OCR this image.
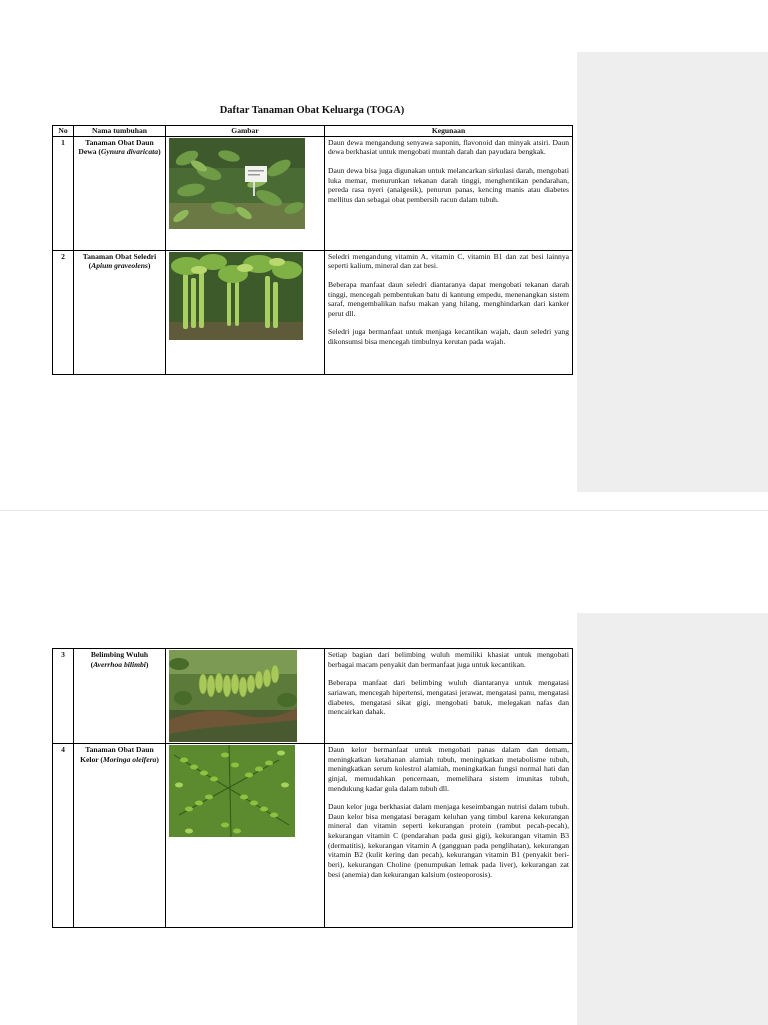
Daftar Tanaman Obat Keluarga (TOGA)
No	Nama tumbuhan	Gambar	Kegunaan
1	Tanaman Obat Daun Dewa (Gynura divaricata)		Daun dewa mengandung senyawa saponin, flavonoid dan minyak atsiri. Daun dewa berkhasiat untuk mengobati muntah darah dan payudara bengkak.

Daun dewa bisa juga digunakan untuk melancarkan sirkulasi darah, mengobati luka memar, menurunkan tekanan darah tinggi, menghentikan pendarahan, pereda rasa nyeri (analgesik), penurun panas, kencing manis atau diabetes mellitus dan sebagai obat pembersih racun dalam tubuh.

2	Tanaman Obat Seledri (Apium graveolens)		Seledri mengandung vitamin A, vitamin C, vitamin B1 dan zat besi lainnya seperti kalium, mineral dan zat besi.

Beberapa manfaat daun seledri diantaranya dapat mengobati tekanan darah tinggi, mencegah pembentukan batu di kantung empedu, menenangkan sistem saraf, mengembalikan nafsu makan yang hilang, menghindarkan dari kanker perut dll.

Seledri juga bermanfaat untuk menjaga kecantikan wajah, daun seledri yang dikonsumsi bisa mencegah timbulnya kerutan pada wajah.

3	Belimbing Wuluh (Averrhoa bilimbi)		Setiap bagian dari belimbing wuluh memiliki khasiat untuk mengobati berbagai macam penyakit dan bermanfaat juga untuk kecantikan.

Beberapa manfaat dari belimbing wuluh diantaranya untuk mengatasi sariawan, mencegah hipertensi, mengatasi jerawat, mengatasi panu, mengatasi diabetes, mengatasi sikat gigi, mengobati batuk, melegakan nafas dan mencairkan dahak.

4	Tanaman Obat Daun Kelor (Moringa oleifera)		Daun kelor bermanfaat untuk mengobati panas dalam dan demam, meningkatkan ketahanan alamiah tubuh, meningkatkan metabolisme tubuh, meningkatkan serum kolestrol alamiah, meningkatkan fungsi normal hati dan ginjal, memudahkan pencernaan, memelihara sistem imunitas tubuh, mendukung kadar gula dalam tubuh dll.

Daun kelor juga berkhasiat dalam menjaga keseimbangan nutrisi dalam tubuh. Daun kelor bisa mengatasi beragam keluhan yang timbul karena kekurangan mineral dan vitamin seperti kekurangan protein (rambut pecah-pecah), kekurangan vitamin C (pendarahan pada gusi gigi), kekurangan vitamin B3 (dermatitis), kekurangan vitamin A (gangguan pada penglihatan), kekurangan vitamin B2 (kulit kering dan pecah), kekurangan vitamin B1 (penyakit beri-beri), kekurangan Choline (penumpukan lemak pada liver), kekurangan zat besi (anemia) dan kekurangan kalsium (osteoporosis).
